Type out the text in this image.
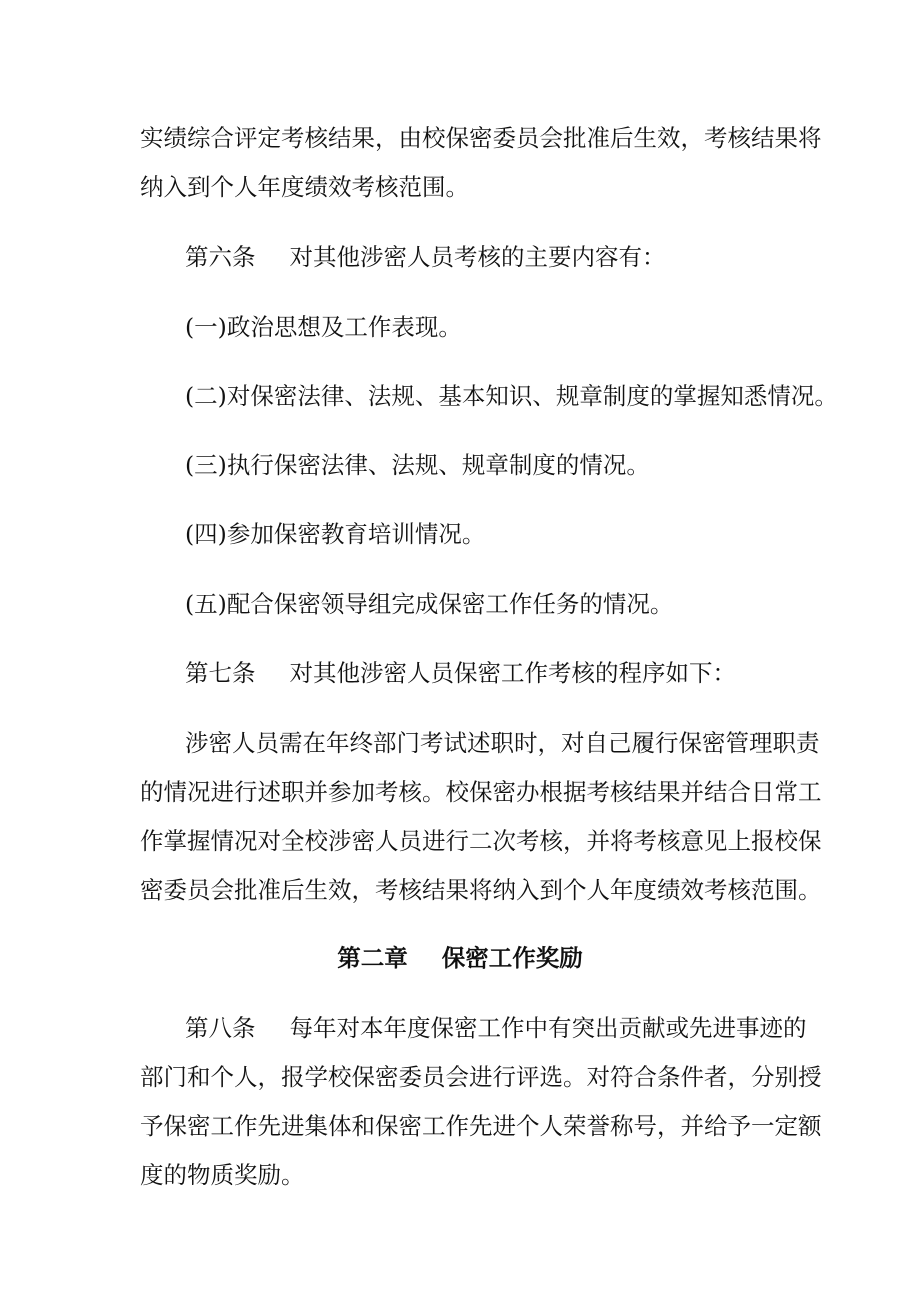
实绩综合评定考核结果，由校保密委员会批准后生效，考核结果将
纳入到个人年度绩效考核范围。
第六条 对其他涉密人员考核的主要内容有：
(一)政治思想及工作表现。
(二)对保密法律、法规、基本知识、规章制度的掌握知悉情况。
(三)执行保密法律、法规、规章制度的情况。
(四)参加保密教育培训情况。
(五)配合保密领导组完成保密工作任务的情况。
第七条 对其他涉密人员保密工作考核的程序如下：
涉密人员需在年终部门考试述职时，对自己履行保密管理职责
的情况进行述职并参加考核。校保密办根据考核结果并结合日常工
作掌握情况对全校涉密人员进行二次考核，并将考核意见上报校保
密委员会批准后生效，考核结果将纳入到个人年度绩效考核范围。
第二章 保密工作奖励
第八条 每年对本年度保密工作中有突出贡献或先进事迹的
部门和个人，报学校保密委员会进行评选。对符合条件者，分别授
予保密工作先进集体和保密工作先进个人荣誉称号，并给予一定额
度的物质奖励。
